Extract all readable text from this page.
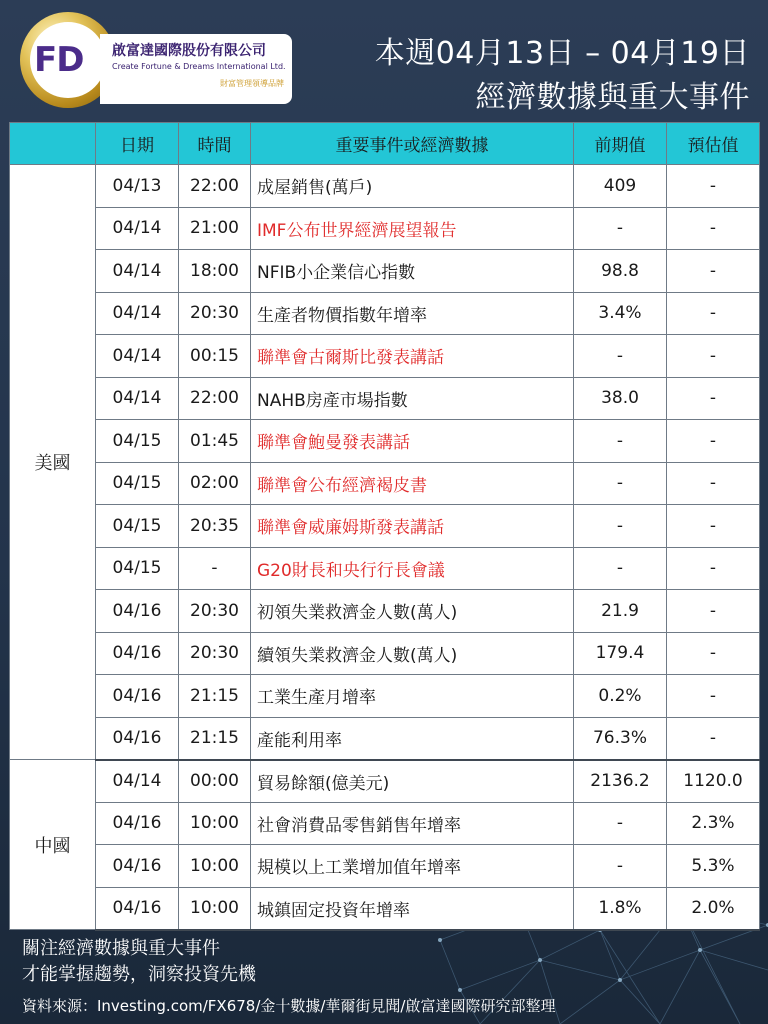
FD	啟富達國際股份有限公司
Create Fortune & Dreams International Ltd.
財富管理領導品牌
本週04月13日 – 04月19日
經濟數據與重大事件
	日期	時間	重要事件或經濟數據	前期值	預估值
美國	04/13	22:00	成屋銷售(萬戶)	409	-
	04/14	21:00	IMF公布世界經濟展望報告	-	-
	04/14	18:00	NFIB小企業信心指數	98.8	-
	04/14	20:30	生產者物價指數年增率	3.4%	-
	04/14	00:15	聯準會古爾斯比發表講話	-	-
	04/14	22:00	NAHB房產市場指數	38.0	-
	04/15	01:45	聯準會鮑曼發表講話	-	-
	04/15	02:00	聯準會公布經濟褐皮書	-	-
	04/15	20:35	聯準會威廉姆斯發表講話	-	-
	04/15	-	G20財長和央行行長會議	-	-
	04/16	20:30	初領失業救濟金人數(萬人)	21.9	-
	04/16	20:30	續領失業救濟金人數(萬人)	179.4	-
	04/16	21:15	工業生產月增率	0.2%	-
	04/16	21:15	產能利用率	76.3%	-
中國	04/14	00:00	貿易餘額(億美元)	2136.2	1120.0
	04/16	10:00	社會消費品零售銷售年增率	-	2.3%
	04/16	10:00	規模以上工業增加值年增率	-	5.3%
	04/16	10:00	城鎮固定投資年增率	1.8%	2.0%
關注經濟數據與重大事件
才能掌握趨勢，洞察投資先機
資料來源：Investing.com/FX678/金十數據/華爾街見聞/啟富達國際研究部整理
